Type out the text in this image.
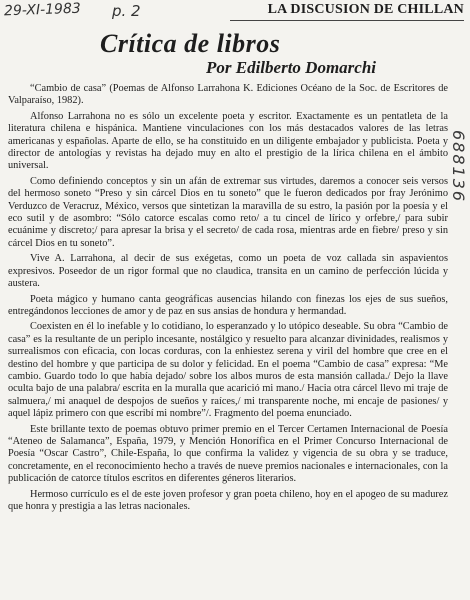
29-XI-1983 p. 2	LA DISCUSION DE CHILLAN
Crítica de libros
Por Edilberto Domarchi

“Cambio de casa” (Poemas de Alfonso Larrahona K. Ediciones Océano de la Soc. de Escritores de Valparaíso, 1982).

Alfonso Larrahona no es sólo un excelente poeta y escritor. Exactamente es un pentatleta de la literatura chilena e hispánica. Mantiene vinculaciones con los más destacados valores de las letras americanas y españolas. Aparte de ello, se ha constituido en un diligente embajador y publicista. Poeta y director de antologías y revistas ha dejado muy en alto el prestigio de la lírica chilena en el ámbito universal.

Como definiendo conceptos y sin un afán de extremar sus virtudes, daremos a conocer seis versos del hermoso soneto “Preso y sin cárcel Dios en tu soneto” que le fueron dedicados por fray Jerónimo Verduzco de Veracruz, México, versos que sintetizan la maravilla de su estro, la pasión por la poesía y el eco sutil y de asombro: “Sólo catorce escalas como reto/ a tu cincel de lírico y orfebre,/ para subir ecuánime y discreto;/ para apresar la brisa y el secreto/ de cada rosa, mientras arde en fiebre/ preso y sin cárcel Dios en tu soneto”.

Vive A. Larrahona, al decir de sus exégetas, como un poeta de voz callada sin aspavientos expresivos. Poseedor de un rigor formal que no claudica, transita en un camino de perfección lúcida y austera.

Poeta mágico y humano canta geográficas ausencias hilando con finezas los ejes de sus sueños, entregándonos lecciones de amor y de paz en sus ansias de hondura y hermandad.

Coexisten en él lo inefable y lo cotidiano, lo esperanzado y lo utópico deseable. Su obra “Cambio de casa” es la resultante de un periplo incesante, nostálgico y resuelto para alcanzar divinidades, realismos y surrealismos con eficacia, con locas corduras, con la enhiestez serena y viril del hombre que cree en el destino del hombre y que participa de su dolor y felicidad. En el poema “Cambio de casa” expresa: “Me cambio. Guardo todo lo que había dejado/ sobre los albos muros de esta mansión callada./ Dejo la llave oculta bajo de una palabra/ escrita en la muralla que acarició mi mano./ Hacia otra cárcel llevo mi traje de salmuera,/ mi anaquel de despojos de sueños y raíces,/ mi transparente noche, mi encaje de pasiones/ y aquel lápiz primero con que escribí mi nombre”/. Fragmento del poema enunciado.

Este brillante texto de poemas obtuvo primer premio en el Tercer Certamen Internacional de Poesía “Ateneo de Salamanca”, España, 1979, y Mención Honorífica en el Primer Concurso Internacional de Poesía “Oscar Castro”, Chile-España, lo que confirma la validez y vigencia de su obra y se traduce, concretamente, en el reconocimiento hecho a través de nueve premios nacionales e internacionales, con la publicación de catorce títulos escritos en diferentes géneros literarios.

Hermoso currículo es el de este joven profesor y gran poeta chileno, hoy en el apogeo de su madurez que honra y prestigia a las letras nacionales.

688136
